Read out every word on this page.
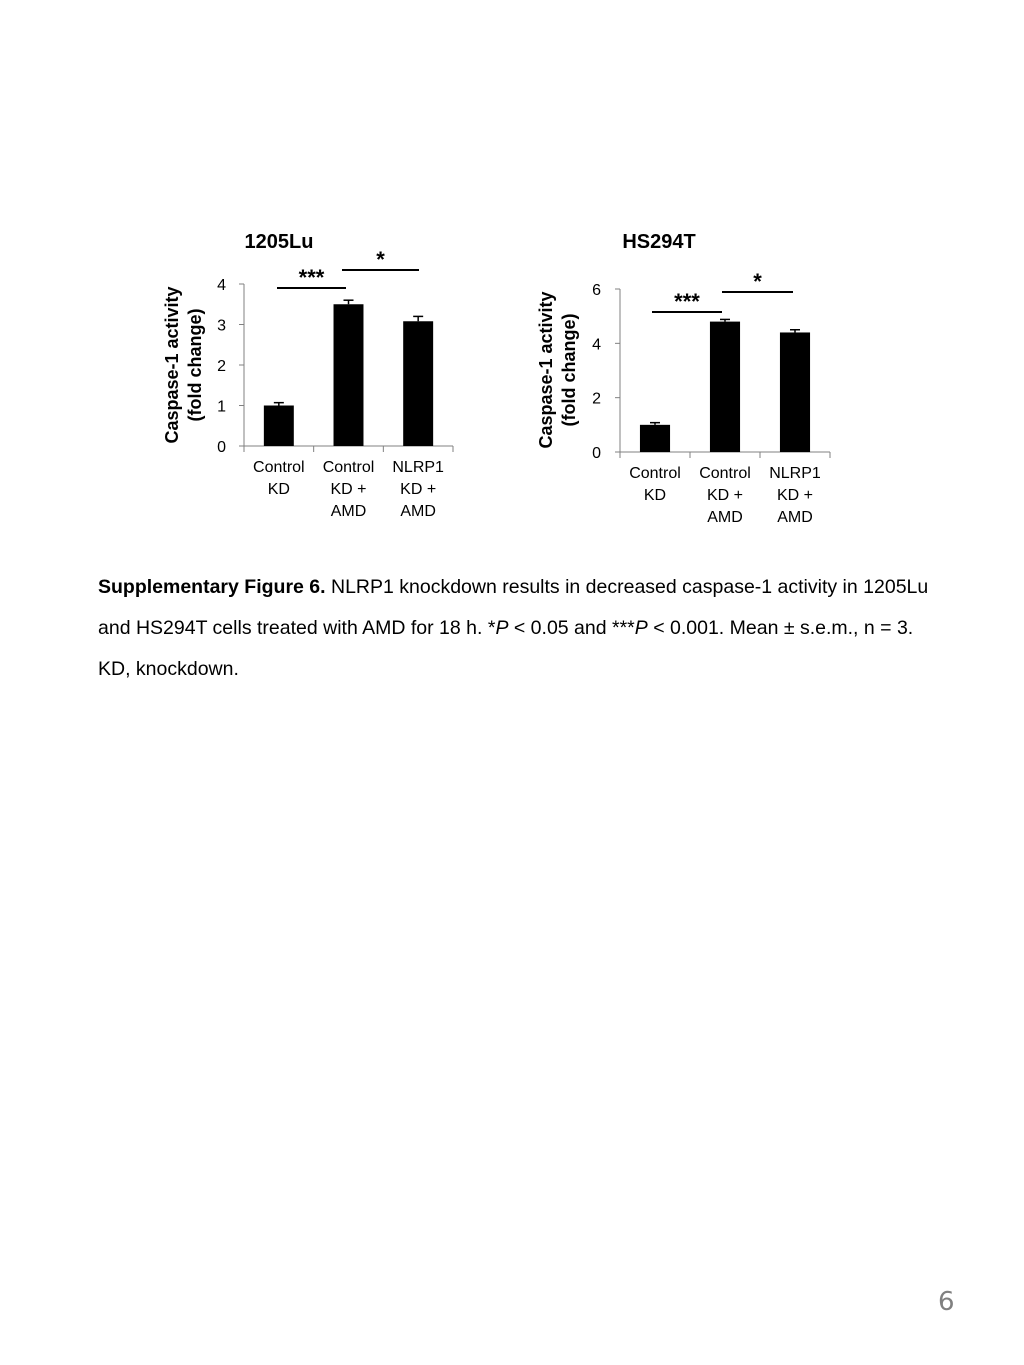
1205Lu
Caspase-1 activity (fold change)
0
1
2
3
4
Control
KD
Control
KD +
AMD
NLRP1
KD +
AMD
***
*
HS294T
Caspase-1 activity (fold change)
0
2
4
6
Control
KD
Control
KD +
AMD
NLRP1
KD +
AMD
***
*
Supplementary Figure 6. NLRP1 knockdown results in decreased caspase-1 activity in 1205Lu and HS294T cells treated with AMD for 18 h. *P < 0.05 and ***P < 0.001. Mean ± s.e.m., n = 3. KD, knockdown.
6
